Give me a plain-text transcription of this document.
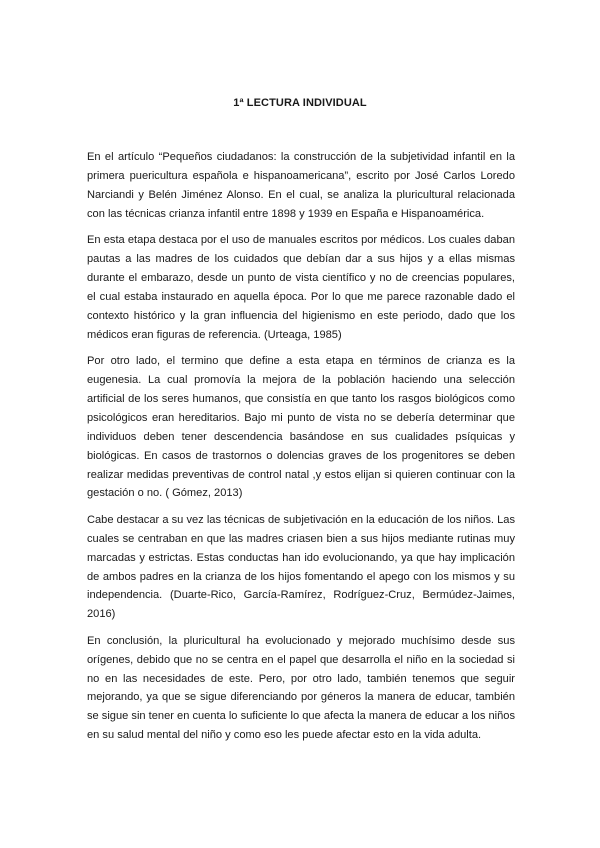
1ª LECTURA INDIVIDUAL

En el artículo “Pequeños ciudadanos: la construcción de la subjetividad infantil en la primera puericultura española e hispanoamericana”, escrito por José Carlos Loredo Narciandi y Belén Jiménez Alonso. En el cual, se analiza la pluricultural relacionada con las técnicas crianza infantil entre 1898 y 1939 en España e Hispanoamérica.

En esta etapa destaca por el uso de manuales escritos por médicos. Los cuales daban pautas a las madres de los cuidados que debían dar a sus hijos y a ellas mismas durante el embarazo, desde un punto de vista científico y no de creencias populares, el cual estaba instaurado en aquella época. Por lo que me parece razonable dado el contexto histórico y la gran influencia del higienismo en este periodo, dado que los médicos eran figuras de referencia. (Urteaga, 1985)

Por otro lado, el termino que define a esta etapa en términos de crianza es la eugenesia. La cual promovía la mejora de la población haciendo una selección artificial de los seres humanos, que consistía en que tanto los rasgos biológicos como psicológicos eran hereditarios. Bajo mi punto de vista no se debería determinar que individuos deben tener descendencia basándose en sus cualidades psíquicas y biológicas. En casos de trastornos o dolencias graves de los progenitores se deben realizar medidas preventivas de control natal ,y estos elijan si quieren continuar con la gestación o no. ( Gómez, 2013)

Cabe destacar a su vez las técnicas de subjetivación en la educación de los niños. Las cuales se centraban en que las madres criasen bien a sus hijos mediante rutinas muy marcadas y estrictas. Estas conductas han ido evolucionando, ya que hay implicación de ambos padres en la crianza de los hijos fomentando el apego con los mismos y su independencia. (Duarte-Rico, García-Ramírez, Rodríguez-Cruz, Bermúdez-Jaimes, 2016)

En conclusión, la pluricultural ha evolucionado y mejorado muchísimo desde sus orígenes, debido que no se centra en el papel que desarrolla el niño en la sociedad si no en las necesidades de este. Pero, por otro lado, también tenemos que seguir mejorando, ya que se sigue diferenciando por géneros la manera de educar, también se sigue sin tener en cuenta lo suficiente lo que afecta la manera de educar a los niños en su salud mental del niño y como eso les puede afectar esto en la vida adulta.
